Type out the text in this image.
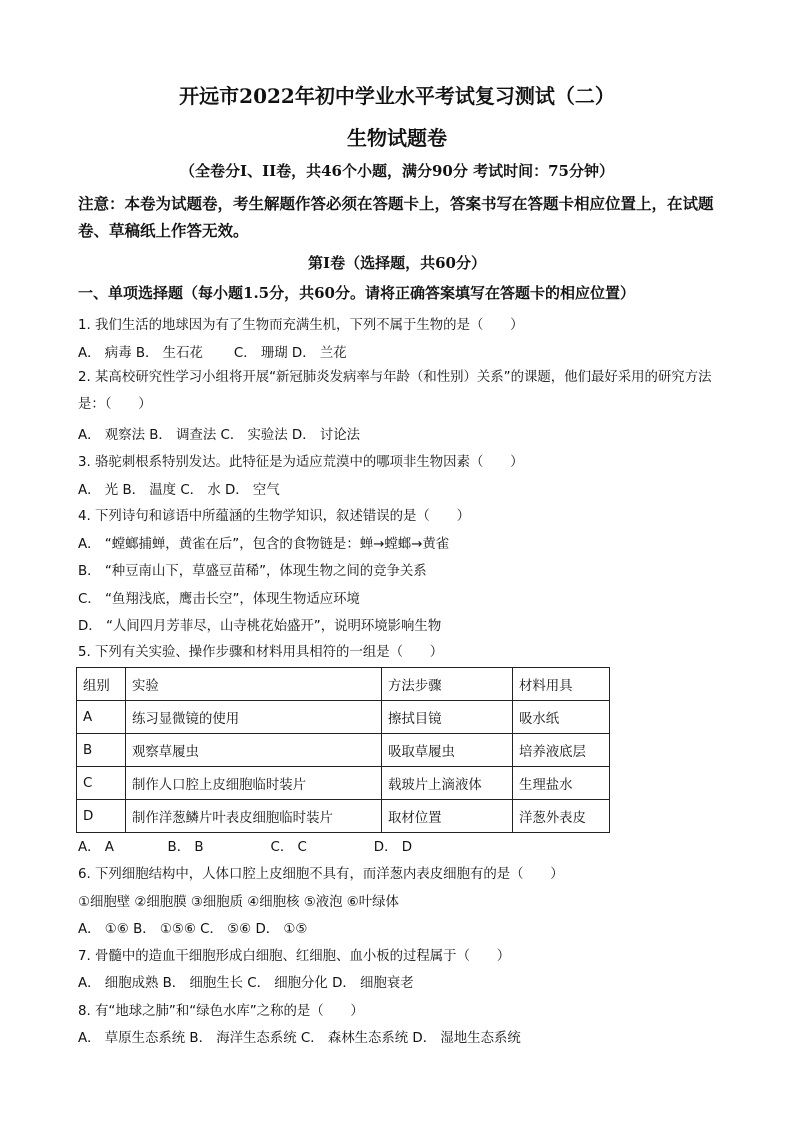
开远市2022年初中学业水平考试复习测试（二）
生物试题卷
（全卷分I、II卷，共46个小题，满分90分 考试时间：75分钟）
注意：本卷为试题卷，考生解题作答必须在答题卡上，答案书写在答题卡相应位置上，在试题卷、草稿纸上作答无效。
第I卷（选择题，共60分）
一、单项选择题（每小题1.5分，共60分。请将正确答案填写在答题卡的相应位置）
1. 我们生活的地球因为有了生物而充满生机，下列不属于生物的是（　　）
A． 病毒 B． 生石花　　 C． 珊瑚 D． 兰花
2. 某高校研究性学习小组将开展“新冠肺炎发病率与年龄（和性别）关系”的课题，他们最好采用的研究方法是：（　　）
A． 观察法 B． 调查法 C． 实验法 D． 讨论法
3. 骆驼刺根系特别发达。此特征是为适应荒漠中的哪项非生物因素（　　）
A． 光 B． 温度 C． 水 D． 空气
4. 下列诗句和谚语中所蕴涵的生物学知识，叙述错误的是（　　）
A． “螳螂捕蝉，黄雀在后”，包含的食物链是：蝉→螳螂→黄雀
B． “种豆南山下，草盛豆苗稀”，体现生物之间的竞争关系
C． “鱼翔浅底，鹰击长空”，体现生物适应环境
D． “人间四月芳菲尽，山寺桃花始盛开”，说明环境影响生物
5. 下列有关实验、操作步骤和材料用具相符的一组是（　　）
组别	实验	方法步骤	材料用具
A	练习显微镜的使用	擦拭目镜	吸水纸
B	观察草履虫	吸取草履虫	培养液底层
C	制作人口腔上皮细胞临时装片	载玻片上滴液体	生理盐水
D	制作洋葱鳞片叶表皮细胞临时装片	取材位置	洋葱外表皮
A． A　　　　B． B　　　　　C． C　　　　　D． D
6. 下列细胞结构中，人体口腔上皮细胞不具有，而洋葱内表皮细胞有的是（　　）
①细胞壁 ②细胞膜 ③细胞质 ④细胞核 ⑤液泡 ⑥叶绿体
A． ①⑥ B． ①⑤⑥ C． ⑤⑥ D． ①⑤
7. 骨髓中的造血干细胞形成白细胞、红细胞、血小板的过程属于（　　）
A． 细胞成熟 B． 细胞生长 C． 细胞分化 D． 细胞衰老
8. 有“地球之肺”和“绿色水库”之称的是（　　）
A． 草原生态系统 B． 海洋生态系统 C． 森林生态系统 D． 湿地生态系统
